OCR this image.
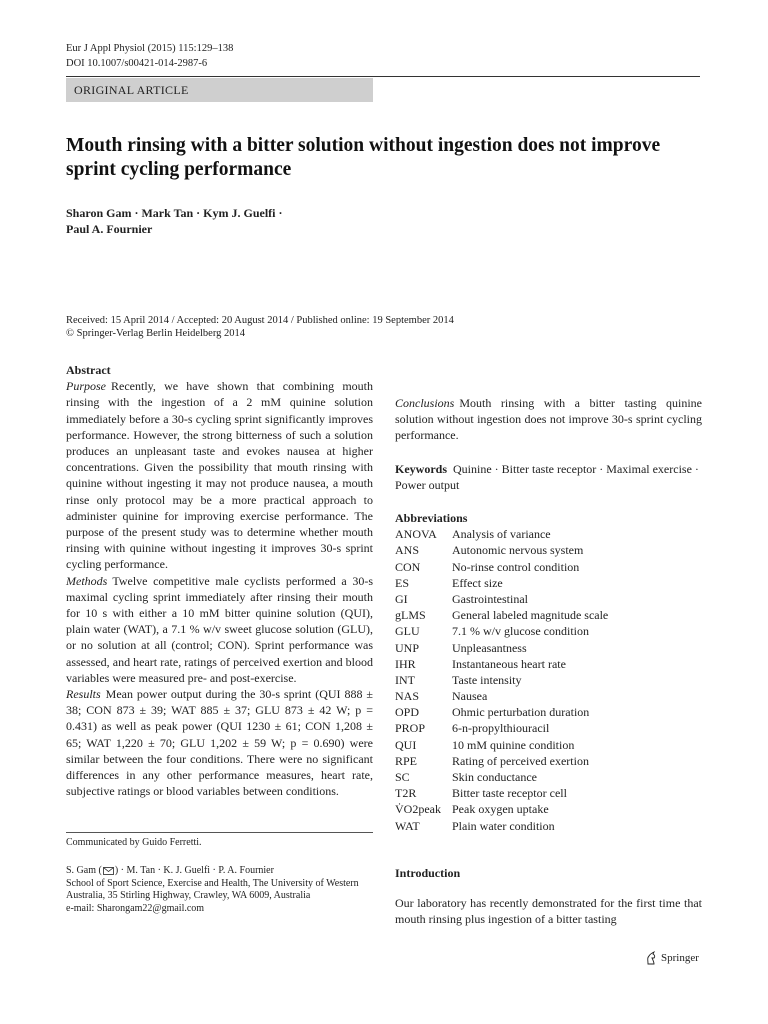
Eur J Appl Physiol (2015) 115:129–138
DOI 10.1007/s00421-014-2987-6
ORIGINAL ARTICLE
Mouth rinsing with a bitter solution without ingestion does not improve sprint cycling performance
Sharon Gam · Mark Tan · Kym J. Guelfi ·
Paul A. Fournier
Received: 15 April 2014 / Accepted: 20 August 2014 / Published online: 19 September 2014
© Springer-Verlag Berlin Heidelberg 2014
Abstract

Purpose Recently, we have shown that combining mouth rinsing with the ingestion of a 2 mM quinine solution immediately before a 30-s cycling sprint significantly improves performance. However, the strong bitterness of such a solution produces an unpleasant taste and evokes nausea at higher concentrations. Given the possibility that mouth rinsing with quinine without ingesting it may not produce nausea, a mouth rinse only protocol may be a more practical approach to administer quinine for improving exercise performance. The purpose of the present study was to determine whether mouth rinsing with quinine without ingesting it improves 30-s sprint cycling performance.

Methods Twelve competitive male cyclists performed a 30-s maximal cycling sprint immediately after rinsing their mouth for 10 s with either a 10 mM bitter quinine solution (QUI), plain water (WAT), a 7.1 % w/v sweet glucose solution (GLU), or no solution at all (control; CON). Sprint performance was assessed, and heart rate, ratings of perceived exertion and blood variables were measured pre- and post-exercise.

Results Mean power output during the 30-s sprint (QUI 888 ± 38; CON 873 ± 39; WAT 885 ± 37; GLU 873 ± 42 W; p = 0.431) as well as peak power (QUI 1230 ± 61; CON 1,208 ± 65; WAT 1,220 ± 70; GLU 1,202 ± 59 W; p = 0.690) were similar between the four conditions. There were no significant differences in any other performance measures, heart rate, subjective ratings or blood variables between conditions.

Conclusions Mouth rinsing with a bitter tasting quinine solution without ingestion does not improve 30-s sprint cycling performance.

Keywords Quinine · Bitter taste receptor · Maximal exercise · Power output

Abbreviations
ANOVA	Analysis of variance
ANS	Autonomic nervous system
CON	No-rinse control condition
ES	Effect size
GI	Gastrointestinal
gLMS	General labeled magnitude scale
GLU	7.1 % w/v glucose condition
UNP	Unpleasantness
IHR	Instantaneous heart rate
INT	Taste intensity
NAS	Nausea
OPD	Ohmic perturbation duration
PROP	6-n-propylthiouracil
QUI	10 mM quinine condition
RPE	Rating of perceived exertion
SC	Skin conductance
T2R	Bitter taste receptor cell
V̇O2peak Peak oxygen uptake
WAT	Plain water condition
Communicated by Guido Ferretti.
S. Gam ( ) · M. Tan · K. J. Guelfi · P. A. Fournier
School of Sport Science, Exercise and Health, The University of Western Australia, 35 Stirling Highway, Crawley, WA 6009, Australia
e-mail: Sharongam22@gmail.com
Introduction
Our laboratory has recently demonstrated for the first time that mouth rinsing plus ingestion of a bitter tasting
Springer
